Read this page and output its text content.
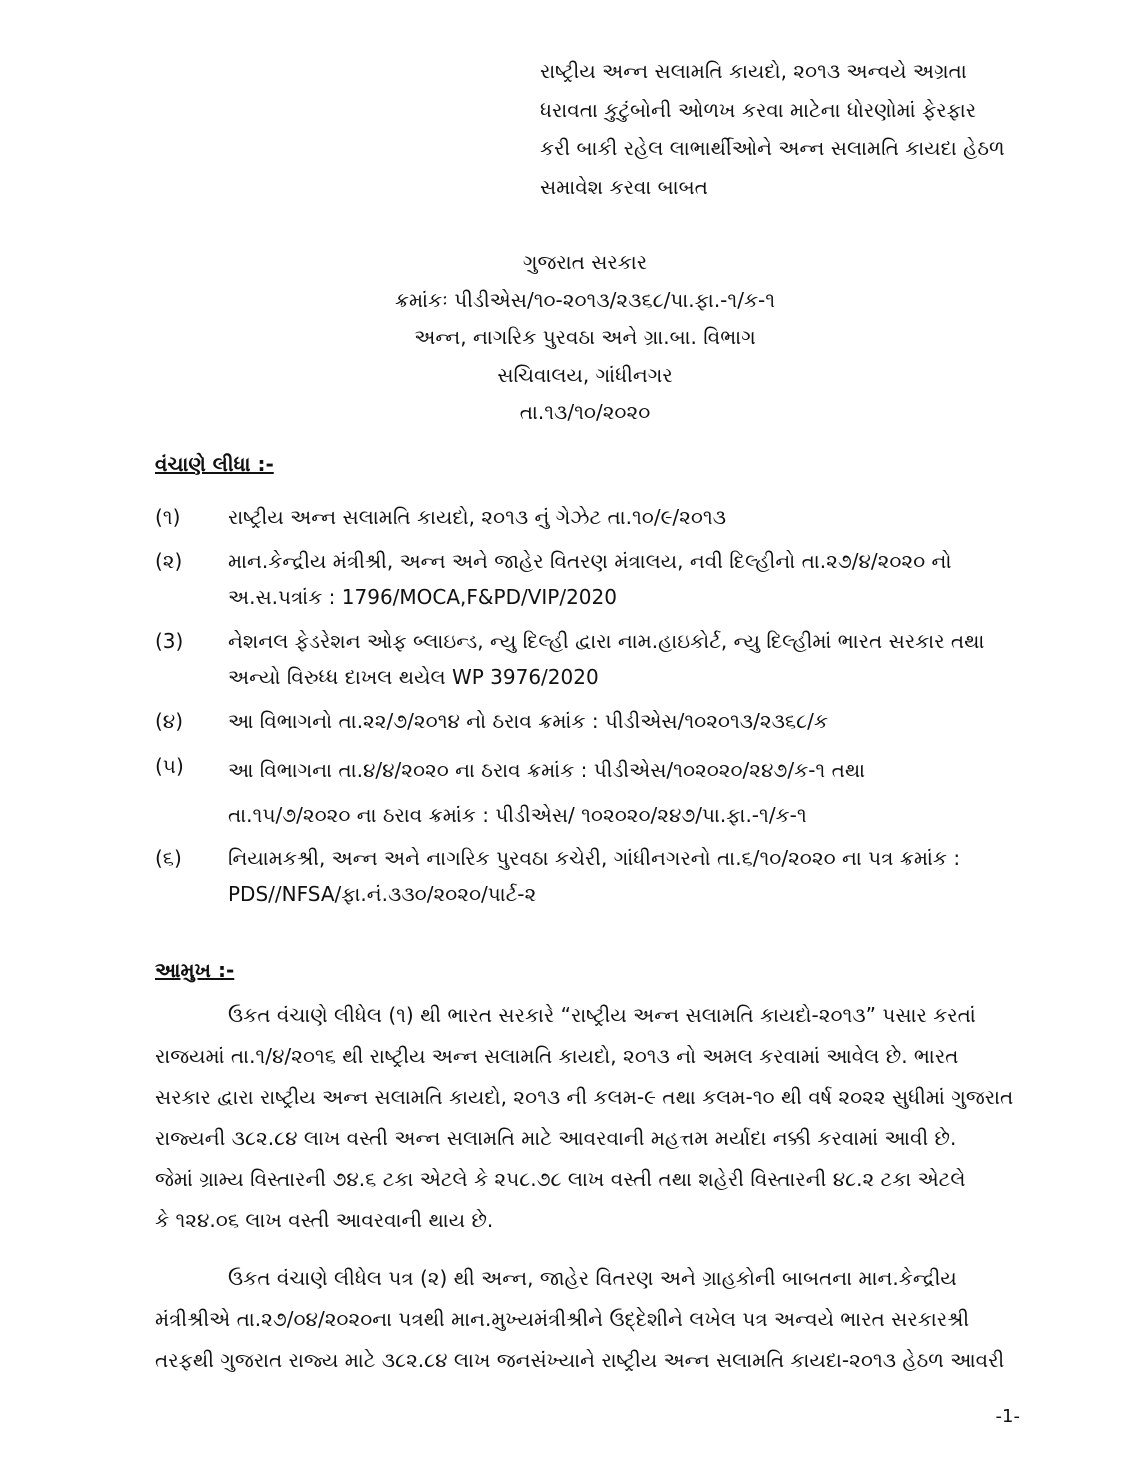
રાષ્ટ્રીય અન્ન સલામતિ કાયદો, ૨૦૧૩ અન્વયે અગ્રતા
ધરાવતા કુટુંબોની ઓળખ કરવા માટેના ધોરણોમાં ફેરફાર
કરી બાકી રહેલ લાભાર્થીઓને અન્ન સલામતિ કાયદા હેઠળ
સમાવેશ કરવા બાબત
ગુજરાત સરકાર
ક્રમાંકઃ પીડીએસ/૧૦-૨૦૧૩/૨૩૬૮/પા.ફા.-૧/ક-૧
અન્ન, નાગરિક પુરવઠા અને ગ્રા.બા. વિભાગ
સચિવાલય, ગાંધીનગર
તા.૧૩/૧૦/૨૦૨૦
વંચાણે લીધા :-
(૧)	રાષ્ટ્રીય અન્ન સલામતિ કાયદો, ૨૦૧૩ નું ગેઝેટ તા.૧૦/૯/૨૦૧૩
(૨)	માન.કેન્દ્રીય મંત્રીશ્રી, અન્ન અને જાહેર વિતરણ મંત્રાલય, નવી દિલ્હીનો તા.૨૭/૪/૨૦૨૦ નો
અ.સ.પત્રાંક : 1796/MOCA,F&PD/VIP/2020
(3)	નેશનલ ફેડરેશન ઓફ બ્લાઇન્ડ, ન્યુ દિલ્હી દ્વારા નામ.હાઇકોર્ટ, ન્યુ દિલ્હીમાં ભારત સરકાર તથા
અન્યો વિરુધ્ધ દાખલ થયેલ WP 3976/2020
(૪)	આ વિભાગનો તા.૨૨/૭/૨૦૧૪ નો ઠરાવ ક્રમાંક : પીડીએસ/૧૦૨૦૧૩/૨૩૬૮/ક
(૫)	આ વિભાગના તા.૪/૪/૨૦૨૦ ના ઠરાવ ક્રમાંક : પીડીએસ/૧૦૨૦૨૦/૨૪૭/ક-૧ તથા
તા.૧૫/૭/૨૦૨૦ ના ઠરાવ ક્રમાંક : પીડીએસ/ ૧૦૨૦૨૦/૨૪૭/પા.ફા.-૧/ક-૧
(૬)	નિયામકશ્રી, અન્ન અને નાગરિક પુરવઠા કચેરી, ગાંધીનગરનો તા.૬/૧૦/૨૦૨૦ ના પત્ર ક્રમાંક :
PDS//NFSA/ફા.નં.૩૩૦/૨૦૨૦/પાર્ટ-૨
આમુખ :-
ઉકત વંચાણે લીધેલ (૧) થી ભારત સરકારે “રાષ્ટ્રીય અન્ન સલામતિ કાયદો-૨૦૧૩” પસાર કરતાં
રાજયમાં તા.૧/૪/૨૦૧૬ થી રાષ્ટ્રીય અન્ન સલામતિ કાયદો, ૨૦૧૩ નો અમલ કરવામાં આવેલ છે. ભારત
સરકાર દ્વારા રાષ્ટ્રીય અન્ન સલામતિ કાયદો, ૨૦૧૩ ની કલમ-૯ તથા કલમ-૧૦ થી વર્ષ ૨૦૨૨ સુધીમાં ગુજરાત
રાજ્યની ૩૮૨.૮૪ લાખ વસ્તી અન્ન સલામતિ માટે આવરવાની મહત્તમ મર્યાદા નક્કી કરવામાં આવી છે.
જેમાં ગ્રામ્ય વિસ્તારની ૭૪.૬ ટકા એટલે કે ૨૫૮.૭૮ લાખ વસ્તી તથા શહેરી વિસ્તારની ૪૮.૨ ટકા એટલે
કે ૧૨૪.૦૬ લાખ વસ્તી આવરવાની થાય છે.
ઉકત વંચાણે લીધેલ પત્ર (૨) થી અન્ન, જાહેર વિતરણ અને ગ્રાહકોની બાબતના માન.કેન્દ્રીય
મંત્રીશ્રીએ તા.૨૭/૦૪/૨૦૨૦ના પત્રથી માન.મુખ્યમંત્રીશ્રીને ઉદ્દેશીને લખેલ પત્ર અન્વયે ભારત સરકારશ્રી
તરફથી ગુજરાત રાજ્ય માટે ૩૮૨.૮૪ લાખ જનસંખ્યાને રાષ્ટ્રીય અન્ન સલામતિ કાયદા-૨૦૧૩ હેઠળ આવરી
-1-
